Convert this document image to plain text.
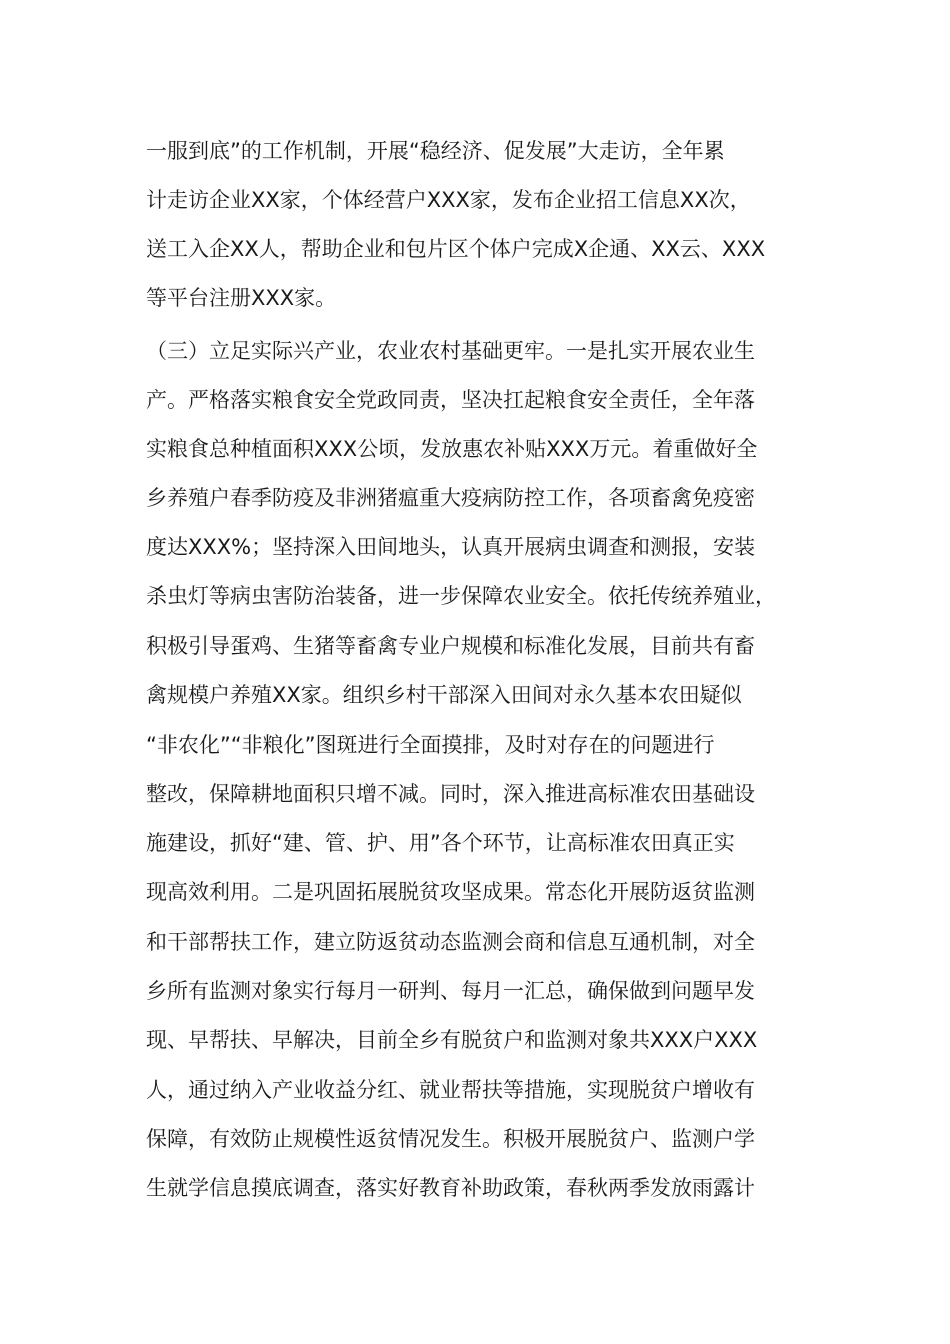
一服到底”的工作机制，开展“稳经济、促发展”大走访，全年累
计走访企业XX家，个体经营户XXX家，发布企业招工信息XX次，
送工入企XX人，帮助企业和包片区个体户完成X企通、XX云、XXX
等平台注册XXX家。
（三）立足实际兴产业，农业农村基础更牢。一是扎实开展农业生
产。严格落实粮食安全党政同责，坚决扛起粮食安全责任，全年落
实粮食总种植面积XXX公顷，发放惠农补贴XXX万元。着重做好全
乡养殖户春季防疫及非洲猪瘟重大疫病防控工作，各项畜禽免疫密
度达XXX%；坚持深入田间地头，认真开展病虫调查和测报，安装
杀虫灯等病虫害防治装备，进一步保障农业安全。依托传统养殖业，
积极引导蛋鸡、生猪等畜禽专业户规模和标准化发展，目前共有畜
禽规模户养殖XX家。组织乡村干部深入田间对永久基本农田疑似
“非农化”“非粮化”图斑进行全面摸排，及时对存在的问题进行
整改，保障耕地面积只增不减。同时，深入推进高标准农田基础设
施建设，抓好“建、管、护、用”各个环节，让高标准农田真正实
现高效利用。二是巩固拓展脱贫攻坚成果。常态化开展防返贫监测
和干部帮扶工作，建立防返贫动态监测会商和信息互通机制，对全
乡所有监测对象实行每月一研判、每月一汇总，确保做到问题早发
现、早帮扶、早解决，目前全乡有脱贫户和监测对象共XXX户XXX
人，通过纳入产业收益分红、就业帮扶等措施，实现脱贫户增收有
保障，有效防止规模性返贫情况发生。积极开展脱贫户、监测户学
生就学信息摸底调查，落实好教育补助政策，春秋两季发放雨露计
